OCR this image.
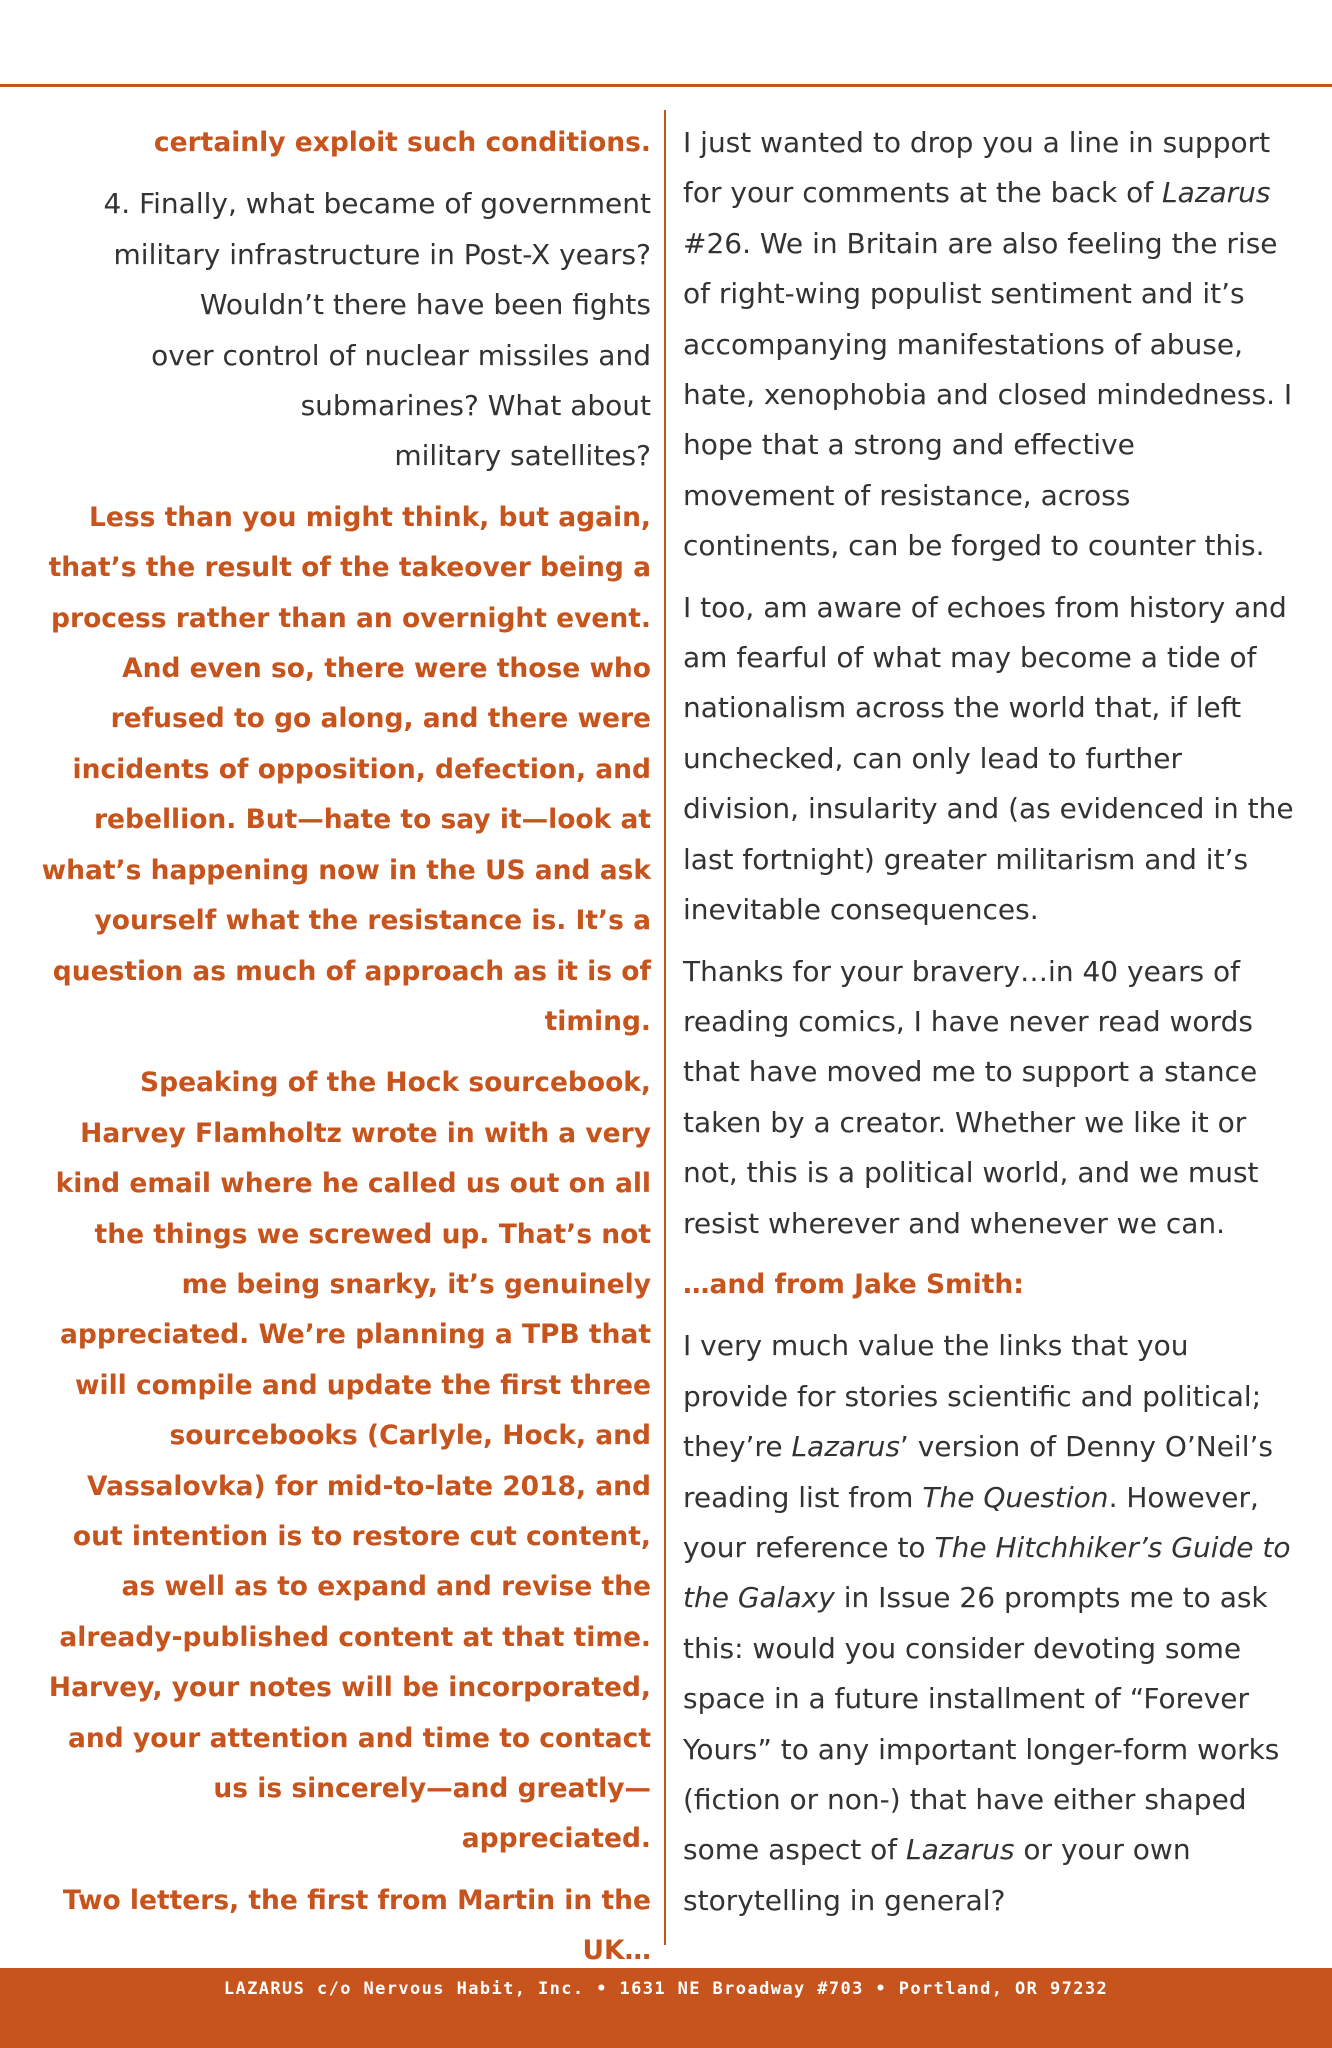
certainly exploit such conditions.

4. Finally, what became of government
military infrastructure in Post-X years?
Wouldn’t there have been fights
over control of nuclear missiles and
submarines? What about
military satellites?

Less than you might think, but again, that’s the result of the takeover being a process rather than an overnight event. And even so, there were those who refused to go along, and there were incidents of opposition, defection, and rebellion. But—hate to say it—look at what’s happening now in the US and ask yourself what the resistance is. It’s a question as much of approach as it is of timing.

Speaking of the Hock sourcebook, Harvey Flamholtz wrote in with a very kind email where he called us out on all the things we screwed up. That’s not me being snarky, it’s genuinely appreciated. We’re planning a TPB that will compile and update the first three sourcebooks (Carlyle, Hock, and Vassalovka) for mid-to-late 2018, and out intention is to restore cut content, as well as to expand and revise the already-published content at that time. Harvey, your notes will be incorporated, and your attention and time to contact us is sincerely—and greatly—appreciated.

Two letters, the first from Martin in the UK…

I just wanted to drop you a line in support for your comments at the back of Lazarus #26. We in Britain are also feeling the rise of right-wing populist sentiment and it’s accompanying manifestations of abuse, hate, xenophobia and closed mindedness. I hope that a strong and effective movement of resistance, across continents, can be forged to counter this.

I too, am aware of echoes from history and am fearful of what may become a tide of nationalism across the world that, if left unchecked, can only lead to further division, insularity and (as evidenced in the last fortnight) greater militarism and it’s inevitable consequences.

Thanks for your bravery…in 40 years of reading comics, I have never read words that have moved me to support a stance taken by a creator. Whether we like it or not, this is a political world, and we must resist wherever and whenever we can.

…and from Jake Smith:

I very much value the links that you provide for stories scientific and political; they’re Lazarus’ version of Denny O’Neil’s reading list from The Question. However, your reference to The Hitchhiker’s Guide to the Galaxy in Issue 26 prompts me to ask this: would you consider devoting some space in a future installment of “Forever Yours” to any important longer-form works (fiction or non-) that have either shaped some aspect of Lazarus or your own storytelling in general?

LAZARUS c/o Nervous Habit, Inc. • 1631 NE Broadway #703 • Portland, OR 97232
